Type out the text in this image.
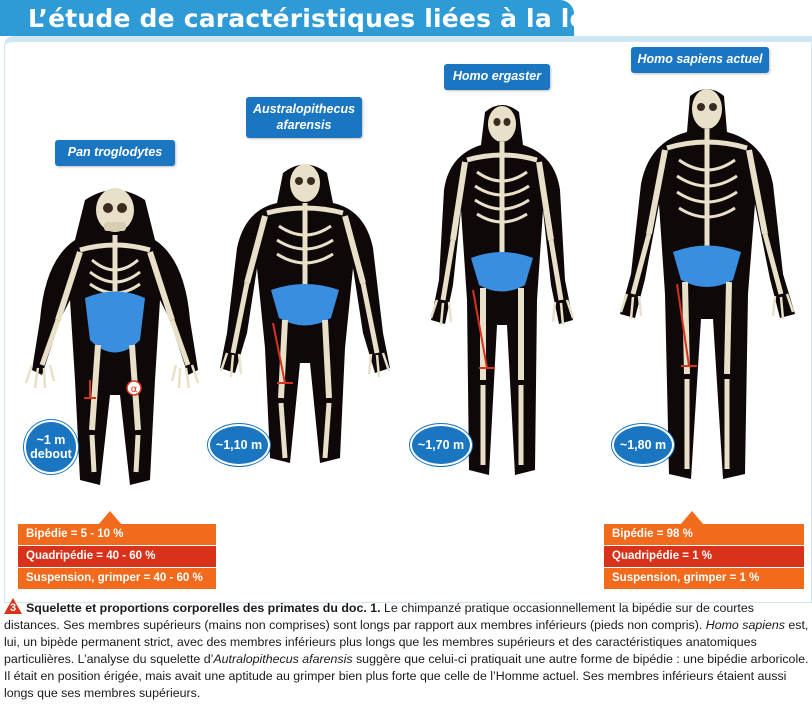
L’étude de caractéristiques liées à la locomotion
Pan troglodytes
Australopithecus afarensis
Homo ergaster
Homo sapiens actuel
α
~1 m debout
~1,10 m	~1,70 m	~1,80 m
Bipédie = 5 - 10 %
Quadripédie = 40 - 60 %
Suspension, grimper = 40 - 60 %
Bipédie = 98 %
Quadripédie = 1 %
Suspension, grimper = 1 %
3 Squelette et proportions corporelles des primates du doc. 1. Le chimpanzé pratique occasionnellement la bipédie sur de courtes distances. Ses membres supérieurs (mains non comprises) sont longs par rapport aux membres inférieurs (pieds non compris). Homo sapiens est, lui, un bipède permanent strict, avec des membres inférieurs plus longs que les membres supérieurs et des caractéristiques anatomiques particulières. L’analyse du squelette d’Autralopithecus afarensis suggère que celui-ci pratiquait une autre forme de bipédie : une bipédie arboricole. Il était en position érigée, mais avait une aptitude au grimper bien plus forte que celle de l’Homme actuel. Ses membres inférieurs étaient aussi longs que ses membres supérieurs.
